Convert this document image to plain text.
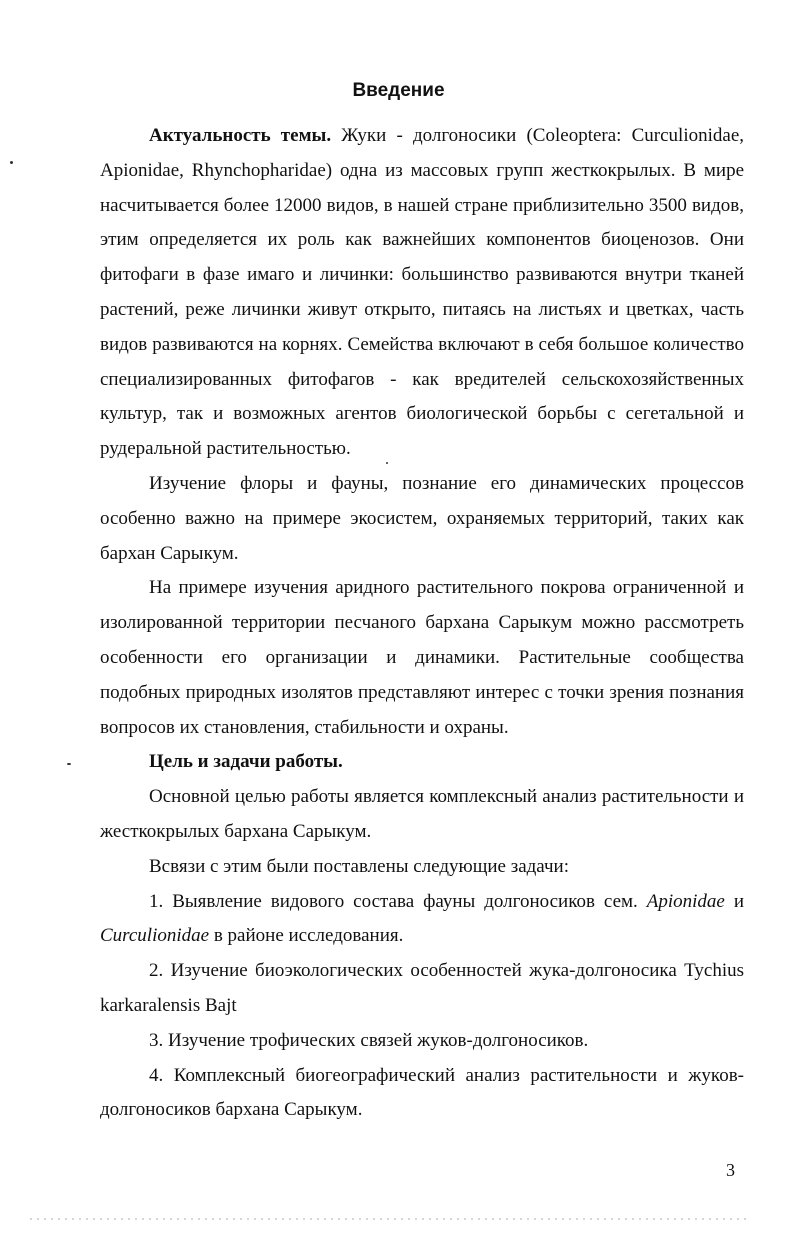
Введение

Актуальность темы. Жуки - долгоносики (Coleoptera: Curculionidae, Apionidae, Rhynchopharidae) одна из массовых групп жесткокрылых. В мире насчитывается более 12000 видов, в нашей стране приблизительно 3500 видов, этим определяется их роль как важнейших компонентов биоценозов. Они фитофаги в фазе имаго и личинки: большинство развиваются внутри тканей растений, реже личинки живут открыто, питаясь на листьях и цветках, часть видов развиваются на корнях. Семейства включают в себя большое количество специализированных фитофагов - как вредителей сельскохозяйственных культур, так и возможных агентов биологической борьбы с сегетальной и рудеральной растительностью.

Изучение флоры и фауны, познание его динамических процессов особенно важно на примере экосистем, охраняемых территорий, таких как бархан Сарыкум.

На примере изучения аридного растительного покрова ограниченной и изолированной территории песчаного бархана Сарыкум можно рассмотреть особенности его организации и динамики. Растительные сообщества подобных природных изолятов представляют интерес с точки зрения познания вопросов их становления, стабильности и охраны.

Цель и задачи работы.

Основной целью работы является комплексный анализ растительности и жесткокрылых бархана Сарыкум.

Всвязи с этим были поставлены следующие задачи:

1. Выявление видового состава фауны долгоносиков сем. Apionidae и Curculionidae в районе исследования.

2. Изучение биоэкологических особенностей жука-долгоносика Tychius karkaralensis Bajt

3. Изучение трофических связей жуков-долгоносиков.

4. Комплексный биогеографический анализ растительности и жуков-долгоносиков бархана Сарыкум.

3
